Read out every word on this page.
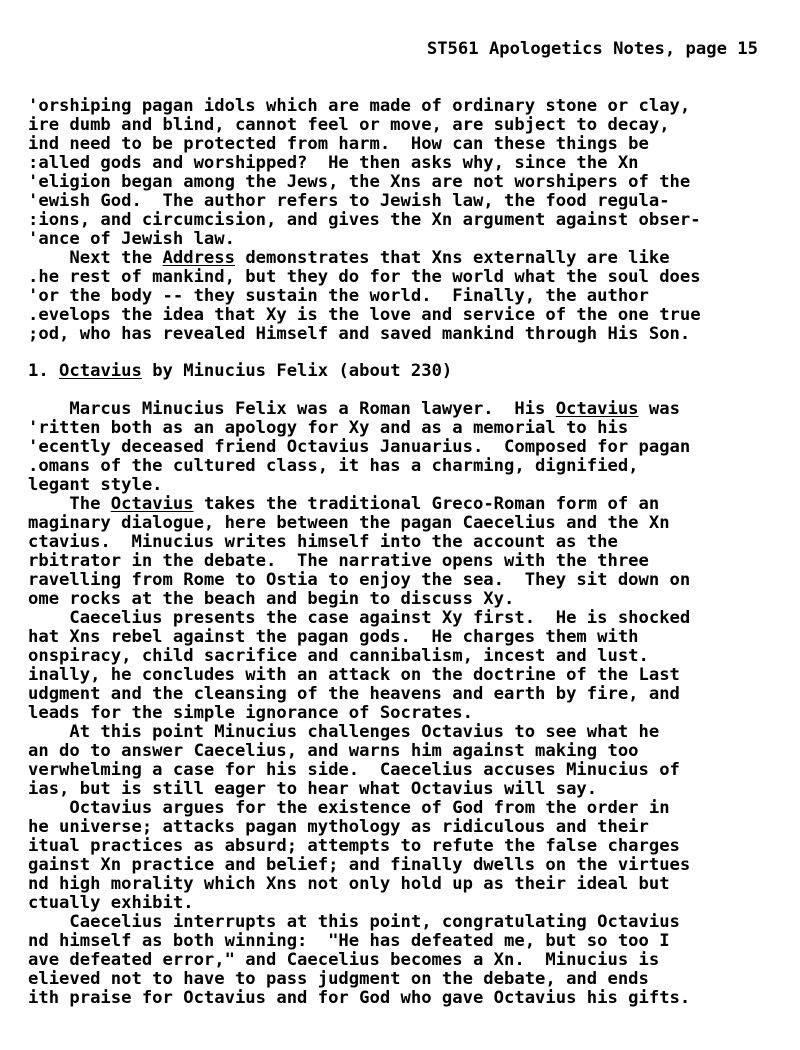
ST561 Apologetics Notes, page 15

'orshiping pagan idols which are made of ordinary stone or clay,

ire dumb and blind, cannot feel or move, are subject to decay,

ind need to be protected from harm.  How can these things be

:alled gods and worshipped?  He then asks why, since the Xn

'eligion began among the Jews, the Xns are not worshipers of the

'ewish God.  The author refers to Jewish law, the food regula-

:ions, and circumcision, and gives the Xn argument against obser-

'ance of Jewish law.

Next the Address demonstrates that Xns externally are like

.he rest of mankind, but they do for the world what the soul does

'or the body -- they sustain the world.  Finally, the author

.evelops the idea that Xy is the love and service of the one true

;od, who has revealed Himself and saved mankind through His Son.

1. Octavius by Minucius Felix (about 230)

Marcus Minucius Felix was a Roman lawyer.  His Octavius was

'ritten both as an apology for Xy and as a memorial to his

'ecently deceased friend Octavius Januarius.  Composed for pagan

.omans of the cultured class, it has a charming, dignified,

legant style.

The Octavius takes the traditional Greco-Roman form of an

maginary dialogue, here between the pagan Caecelius and the Xn

ctavius.  Minucius writes himself into the account as the

rbitrator in the debate.  The narrative opens with the three

ravelling from Rome to Ostia to enjoy the sea.  They sit down on

ome rocks at the beach and begin to discuss Xy.

Caecelius presents the case against Xy first.  He is shocked

hat Xns rebel against the pagan gods.  He charges them with

onspiracy, child sacrifice and cannibalism, incest and lust.

inally, he concludes with an attack on the doctrine of the Last

udgment and the cleansing of the heavens and earth by fire, and

leads for the simple ignorance of Socrates.

At this point Minucius challenges Octavius to see what he

an do to answer Caecelius, and warns him against making too

verwhelming a case for his side.  Caecelius accuses Minucius of

ias, but is still eager to hear what Octavius will say.

Octavius argues for the existence of God from the order in

he universe; attacks pagan mythology as ridiculous and their

itual practices as absurd; attempts to refute the false charges

gainst Xn practice and belief; and finally dwells on the virtues

nd high morality which Xns not only hold up as their ideal but

ctually exhibit.

Caecelius interrupts at this point, congratulating Octavius

nd himself as both winning:  "He has defeated me, but so too I

ave defeated error," and Caecelius becomes a Xn.  Minucius is

elieved not to have to pass judgment on the debate, and ends

ith praise for Octavius and for God who gave Octavius his gifts.
